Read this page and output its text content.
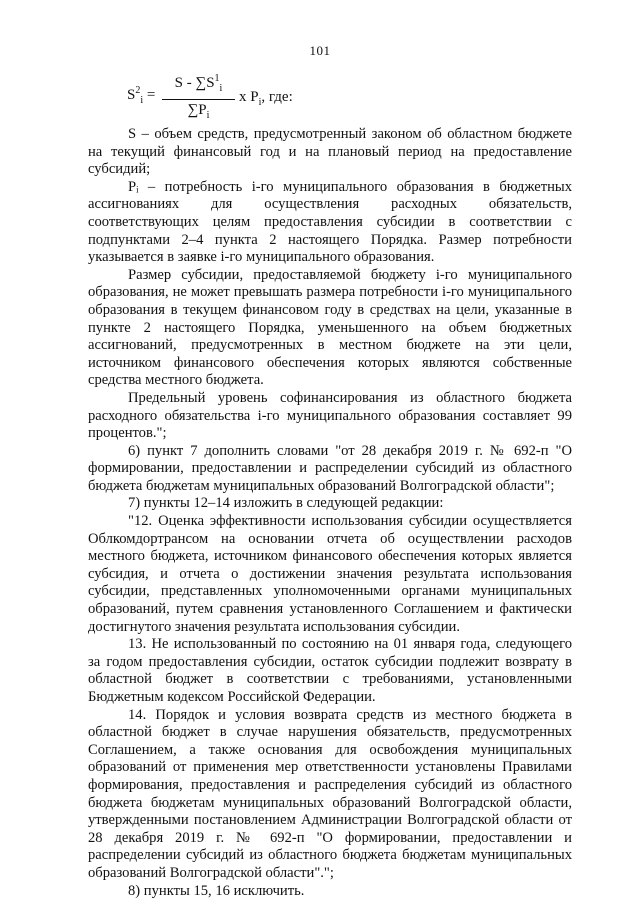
101
$S^2_i$ =
S - $\sum S^1_i$
$\sum P_i$
x $P_i$, где:

S – объем средств, предусмотренный законом об областном бюджете на текущий финансовый год и на плановый период на предоставление субсидий;

Pᵢ – потребность i-го муниципального образования в бюджетных ассигнованиях для осуществления расходных обязательств, соответствующих целям предоставления субсидии в соответствии с подпунктами 2–4 пункта 2 настоящего Порядка. Размер потребности указывается в заявке i-го муниципального образования.

Размер субсидии, предоставляемой бюджету i-го муниципального образования, не может превышать размера потребности i-го муниципального образования в текущем финансовом году в средствах на цели, указанные в пункте 2 настоящего Порядка, уменьшенного на объем бюджетных ассигнований, предусмотренных в местном бюджете на эти цели, источником финансового обеспечения которых являются собственные средства местного бюджета.

Предельный уровень софинансирования из областного бюджета расходного обязательства i-го муниципального образования составляет 99 процентов.";

6) пункт 7 дополнить словами "от 28 декабря 2019 г. № 692-п "О формировании, предоставлении и распределении субсидий из областного бюджета бюджетам муниципальных образований Волгоградской области";

7) пункты 12–14 изложить в следующей редакции:

"12. Оценка эффективности использования субсидии осуществляется Облкомдортрансом на основании отчета об осуществлении расходов местного бюджета, источником финансового обеспечения которых является субсидия, и отчета о достижении значения результата использования субсидии, представленных уполномоченными органами муниципальных образований, путем сравнения установленного Соглашением и фактически достигнутого значения результата использования субсидии.

13. Не использованный по состоянию на 01 января года, следующего за годом предоставления субсидии, остаток субсидии подлежит возврату в областной бюджет в соответствии с требованиями, установленными Бюджетным кодексом Российской Федерации.

14. Порядок и условия возврата средств из местного бюджета в областной бюджет в случае нарушения обязательств, предусмотренных Соглашением, а также основания для освобождения муниципальных образований от применения мер ответственности установлены Правилами формирования, предоставления и распределения субсидий из областного бюджета бюджетам муниципальных образований Волгоградской области, утвержденными постановлением Администрации Волгоградской области от 28 декабря 2019 г. № 692-п "О формировании, предоставлении и распределении субсидий из областного бюджета бюджетам муниципальных образований Волгоградской области".";

8) пункты 15, 16 исключить.
